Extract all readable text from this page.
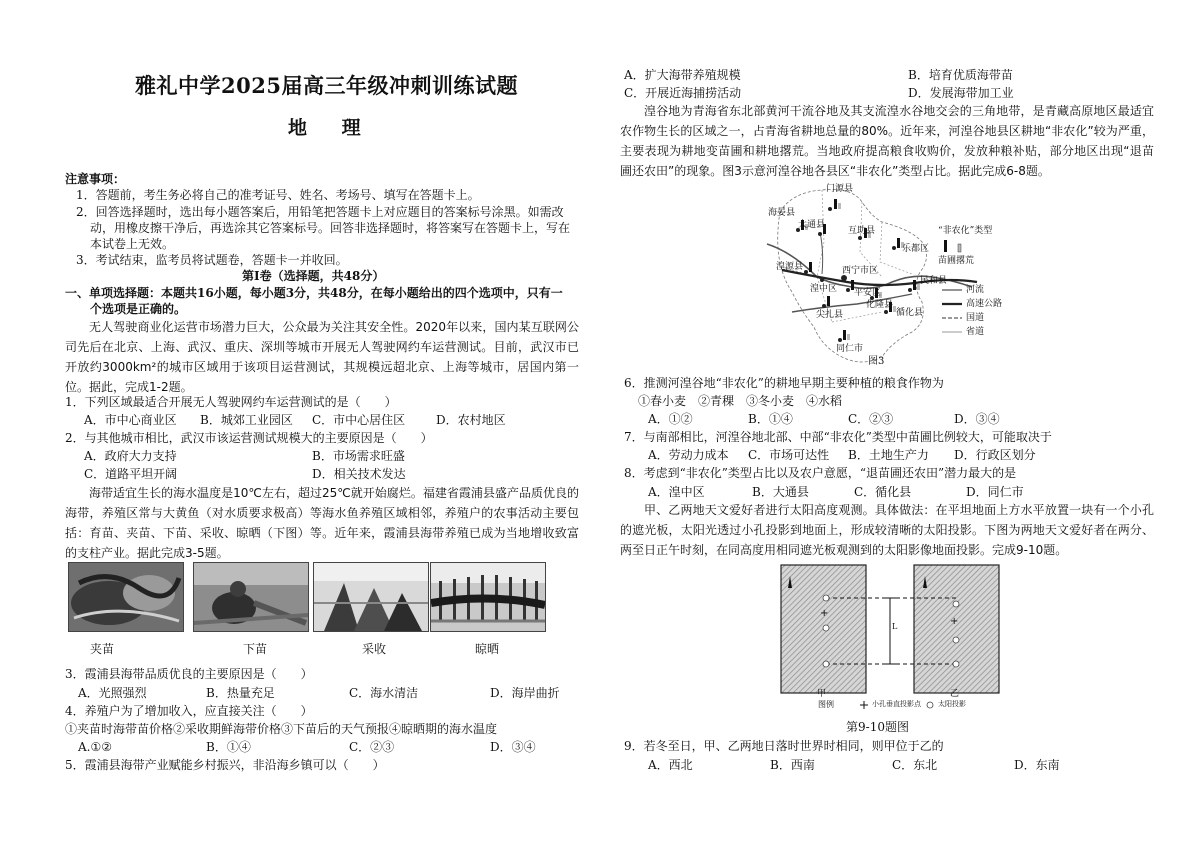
雅礼中学2025届高三年级冲刺训练试题
地 理
注意事项：
1．答题前，考生务必将自己的准考证号、姓名、考场号、填写在答题卡上。
2．回答选择题时，选出每小题答案后，用铅笔把答题卡上对应题目的答案标号涂黑。如需改
动，用橡皮擦干净后，再选涂其它答案标号。回答非选择题时，将答案写在答题卡上，写在
本试卷上无效。
3．考试结束，监考员将试题卷，答题卡一并收回。
第Ⅰ卷（选择题，共48分）
一、单项选择题：本题共16小题，每小题3分，共48分，在每小题给出的四个选项中，只有一
个选项是正确的。
无人驾驶商业化运营市场潜力巨大，公众最为关注其安全性。2020年以来，国内某互联网公司先后在北京、上海、武汉、重庆、深圳等城市开展无人驾驶网约车运营测试。目前，武汉市已开放约3000km²的城市区域用于该项目运营测试，其规模远超北京、上海等城市，居国内第一位。据此，完成1-2题。
1．下列区域最适合开展无人驾驶网约车运营测试的是（　　）
A．市中心商业区 B．城郊工业园区 C．市中心居住区	D．农村地区
2．与其他城市相比，武汉市该运营测试规模大的主要原因是（　　）
A．政府大力支持	B．市场需求旺盛
C．道路平坦开阔	D．相关技术发达
海带适宜生长的海水温度是10℃左右，超过25℃就开始腐烂。福建省霞浦县盛产品质优良的海带，养殖区常与大黄鱼（对水质要求极高）等海水鱼养殖区域相邻，养殖户的农事活动主要包括：育苗、夹苗、下苗、采收、晾晒（下图）等。近年来，霞浦县海带养殖已成为当地增收致富的支柱产业。据此完成3-5题。
夹苗	下苗	采收	晾晒
3．霞浦县海带品质优良的主要原因是（　　）
A．光照强烈	B．热量充足	C．海水清洁	D．海岸曲折
4．养殖户为了增加收入，应直接关注（　　）
①夹苗时海带苗价格②采收期鲜海带价格③下苗后的天气预报④晾晒期的海水温度
A.①②	B．①④	C．②③	D．③④
5．霞浦县海带产业赋能乡村振兴，非沿海乡镇可以（　　）
A．扩大海带养殖规模	B．培育优质海带苗
C．开展近海捕捞活动	D．发展海带加工业
湟谷地为青海省东北部黄河干流谷地及其支流湟水谷地交会的三角地带，是青藏高原地区最适宜农作物生长的区域之一，占青海省耕地总量的80%。近年来，河湟谷地县区耕地“非农化”较为严重，主要表现为耕地变苗圃和耕地撂荒。当地政府提高粮食收购价，发放种粮补贴，部分地区出现“退苗圃还农田”的现象。图3示意河湟谷地各县区“非农化”类型占比。据此完成6-8题。
门源县
海晏县
大通县
互助县
乐都区
湟源县
湟中区
西宁市区
平安区
化隆县
民和县
尖扎县	循化县
同仁市
“非农化”类型
苗圃 撂荒
河流
高速公路
国道
省道
图3
6．推测河湟谷地“非农化”的耕地早期主要种植的粮食作物为
①春小麦　②青稞　③冬小麦　④水稻
A．①②	B．①④	C．②③	D．③④
7．与南部相比，河湟谷地北部、中部“非农化”类型中苗圃比例较大，可能取决于
A．劳动力成本 C．市场可达性 B．土地生产力 D．行政区划分
8．考虑到“非农化”类型占比以及农户意愿，“退苗圃还农田”潜力最大的是
A．湟中区	B．大通县	C．循化县	D．同仁市
甲、乙两地天文爱好者进行太阳高度观测。具体做法：在平坦地面上方水平放置一块有一个小孔的遮光板，太阳光透过小孔投影到地面上，形成较清晰的太阳投影。下图为两地天文爱好者在两分、两至日正午时刻，在同高度用相同遮光板观测到的太阳影像地面投影。完成9-10题。
+
+
L
甲	乙
图例	小孔垂直投影点 太阳投影
第9-10题图
9．若冬至日，甲、乙两地日落时世界时相同，则甲位于乙的
A．西北	B．西南	C．东北	D．东南
